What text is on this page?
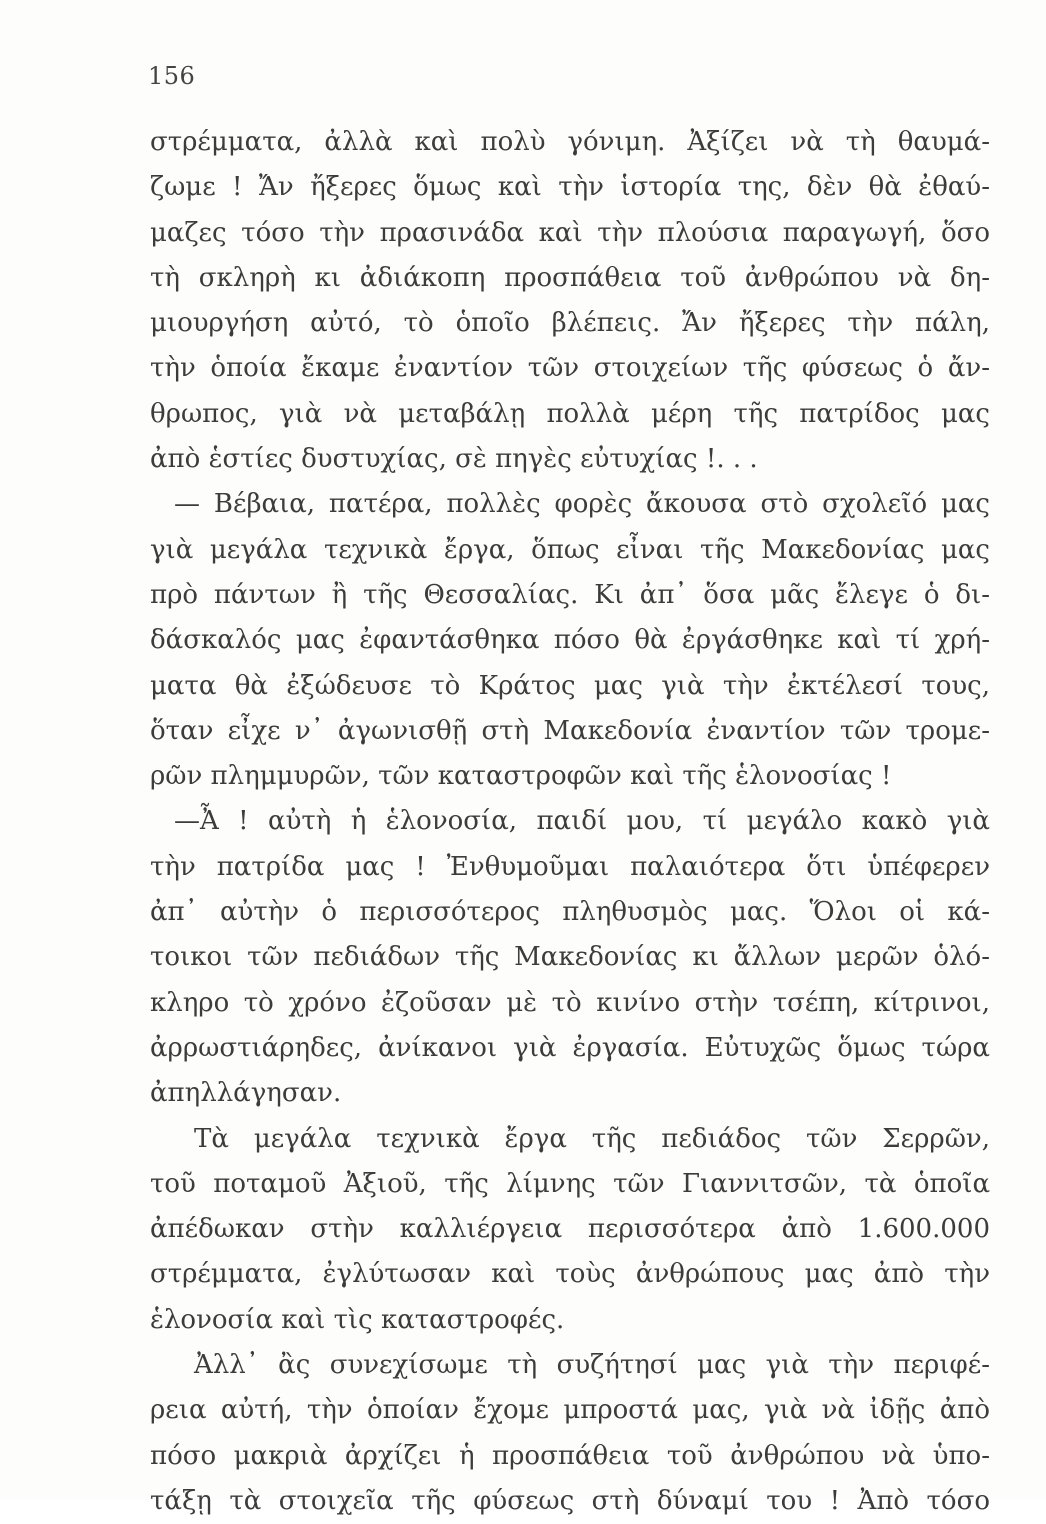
156
στρέμματα, ἀλλὰ καὶ πολὺ γόνιμη. Ἀξίζει νὰ τὴ θαυμά-
ζωμε ! Ἄν ἤξερες ὅμως καὶ τὴν ἱστορία της, δὲν θὰ ἐθαύ-
μαζες τόσο τὴν πρασινάδα καὶ τὴν πλούσια παραγωγή, ὅσο
τὴ σκληρὴ κι ἀδιάκοπη προσπάθεια τοῦ ἀνθρώπου νὰ δη-
μιουργήση αὐτό, τὸ ὁποῖο βλέπεις. Ἄν ἤξερες τὴν πάλη,
τὴν ὁποία ἔκαμε ἐναντίον τῶν στοιχείων τῆς φύσεως ὁ ἄν-
θρωπος, γιὰ νὰ μεταβάλῃ πολλὰ μέρη τῆς πατρίδος μας
ἀπὸ ἑστίες δυστυχίας, σὲ πηγὲς εὐτυχίας !. . .
— Βέβαια, πατέρα, πολλὲς φορὲς ἄκουσα στὸ σχολεῖό μας
γιὰ μεγάλα τεχνικὰ ἔργα, ὅπως εἶναι τῆς Μακεδονίας μας
πρὸ πάντων ἢ τῆς Θεσσαλίας. Κι ἀπ᾿ ὅσα μᾶς ἔλεγε ὁ δι-
δάσκαλός μας ἐφαντάσθηκα πόσο θὰ ἐργάσθηκε καὶ τί χρή-
ματα θὰ ἐξώδευσε τὸ Κράτος μας γιὰ τὴν ἐκτέλεσί τους,
ὅταν εἶχε ν᾿ ἀγωνισθῇ στὴ Μακεδονία ἐναντίον τῶν τρομε-
ρῶν πλημμυρῶν, τῶν καταστροφῶν καὶ τῆς ἑλονοσίας !
—Ἆ ! αὐτὴ ἡ ἑλονοσία, παιδί μου, τί μεγάλο κακὸ γιὰ
τὴν πατρίδα μας ! Ἐνθυμοῦμαι παλαιότερα ὅτι ὑπέφερεν
ἀπ᾿ αὐτὴν ὁ περισσότερος πληθυσμὸς μας. Ὅλοι οἱ κά-
τοικοι τῶν πεδιάδων τῆς Μακεδονίας κι ἄλλων μερῶν ὁλό-
κληρο τὸ χρόνο ἐζοῦσαν μὲ τὸ κινίνο στὴν τσέπη, κίτρινοι,
ἀρρωστιάρηδες, ἀνίκανοι γιὰ ἐργασία. Εὐτυχῶς ὅμως τώρα
ἀπηλλάγησαν.
Τὰ μεγάλα τεχνικὰ ἔργα τῆς πεδιάδος τῶν Σερρῶν,
τοῦ ποταμοῦ Ἀξιοῦ, τῆς λίμνης τῶν Γιαννιτσῶν, τὰ ὁποῖα
ἀπέδωκαν στὴν καλλιέργεια περισσότερα ἀπὸ 1.600.000
στρέμματα, ἐγλύτωσαν καὶ τοὺς ἀνθρώπους μας ἀπὸ τὴν
ἑλονοσία καὶ τὶς καταστροφές.
Ἀλλ᾿ ἂς συνεχίσωμε τὴ συζήτησί μας γιὰ τὴν περιφέ-
ρεια αὐτή, τὴν ὁποίαν ἔχομε μπροστά μας, γιὰ νὰ ἰδῇς ἀπὸ
πόσο μακριὰ ἀρχίζει ἡ προσπάθεια τοῦ ἀνθρώπου νὰ ὑπο-
τάξῃ τὰ στοιχεῖα τῆς φύσεως στὴ δύναμί του ! Ἀπὸ τόσο
